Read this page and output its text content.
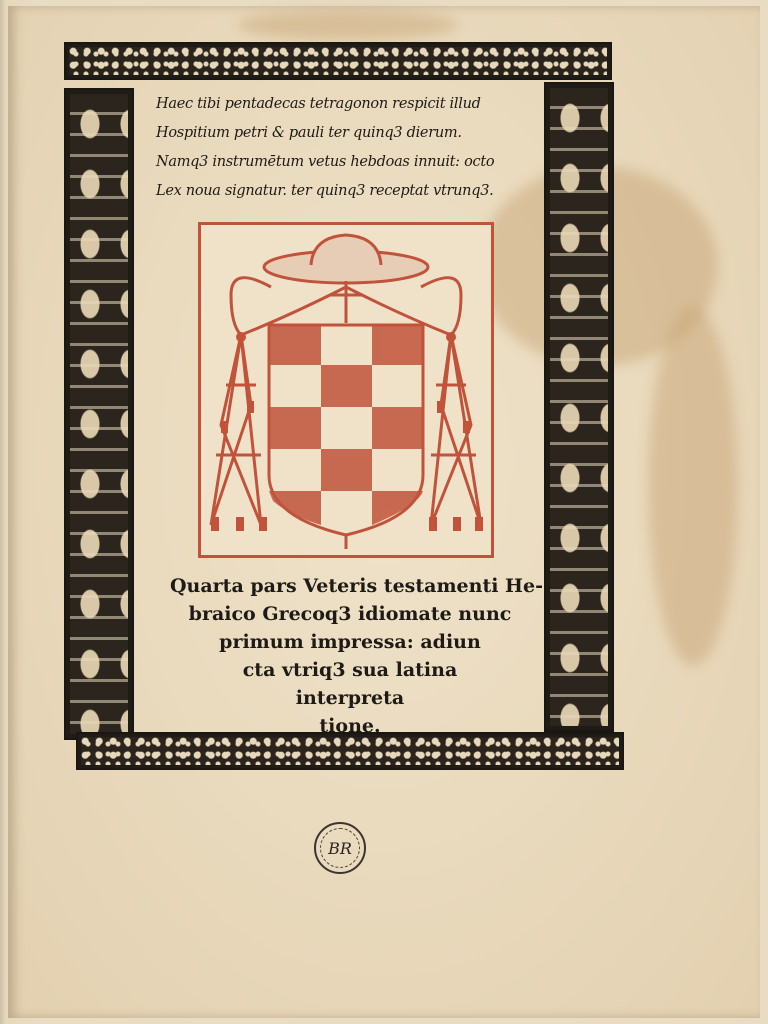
Haec tibi pentadecas tetragonon respicit illud
Hospitium petri & pauli ter quinq3 dierum.
Namq3 instrumētum vetus hebdoas innuit: octo
Lex noua signatur. ter quinq3 receptat vtrunq3.
Quarta pars Veteris testamenti He-
braico Grecoq3 idiomate nunc
primum impressa: adiun
cta vtriq3 sua latina
interpreta
tione.
BR
